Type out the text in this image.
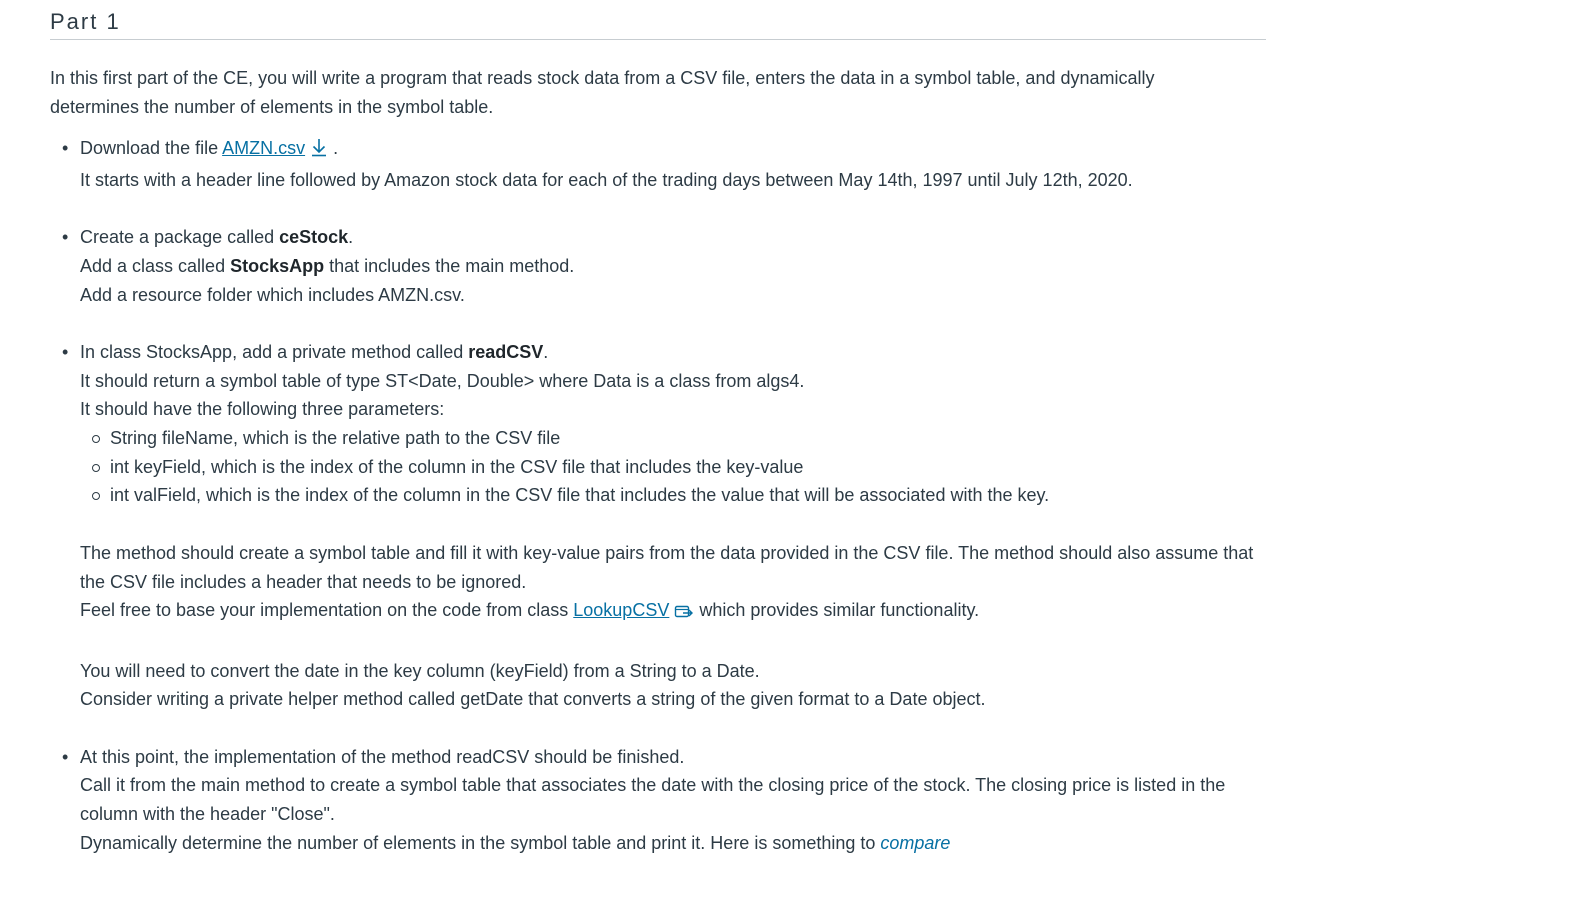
Part 1

In this first part of the CE, you will write a program that reads stock data from a CSV file, enters the data in a symbol table, and dynamically determines the number of elements in the symbol table.

• Download the file AMZN.csv .
It starts with a header line followed by Amazon stock data for each of the trading days between May 14th, 1997 until July 12th, 2020.
• Create a package called ceStock.
Add a class called StocksApp that includes the main method.
Add a resource folder which includes AMZN.csv.
• In class StocksApp, add a private method called readCSV.
It should return a symbol table of type ST<Date, Double> where Data is a class from algs4.
It should have the following three parameters:
String fileName, which is the relative path to the CSV file
int keyField, which is the index of the column in the CSV file that includes the key-value
int valField, which is the index of the column in the CSV file that includes the value that will be associated with the key.
The method should create a symbol table and fill it with key-value pairs from the data provided in the CSV file. The method should also assume that the CSV file includes a header that needs to be ignored.
Feel free to base your implementation on the code from class LookupCSV which provides similar functionality.
You will need to convert the date in the key column (keyField) from a String to a Date.
Consider writing a private helper method called getDate that converts a string of the given format to a Date object.
• At this point, the implementation of the method readCSV should be finished.
Call it from the main method to create a symbol table that associates the date with the closing price of the stock. The closing price is listed in the column with the header "Close".
Dynamically determine the number of elements in the symbol table and print it. Here is something to compare
